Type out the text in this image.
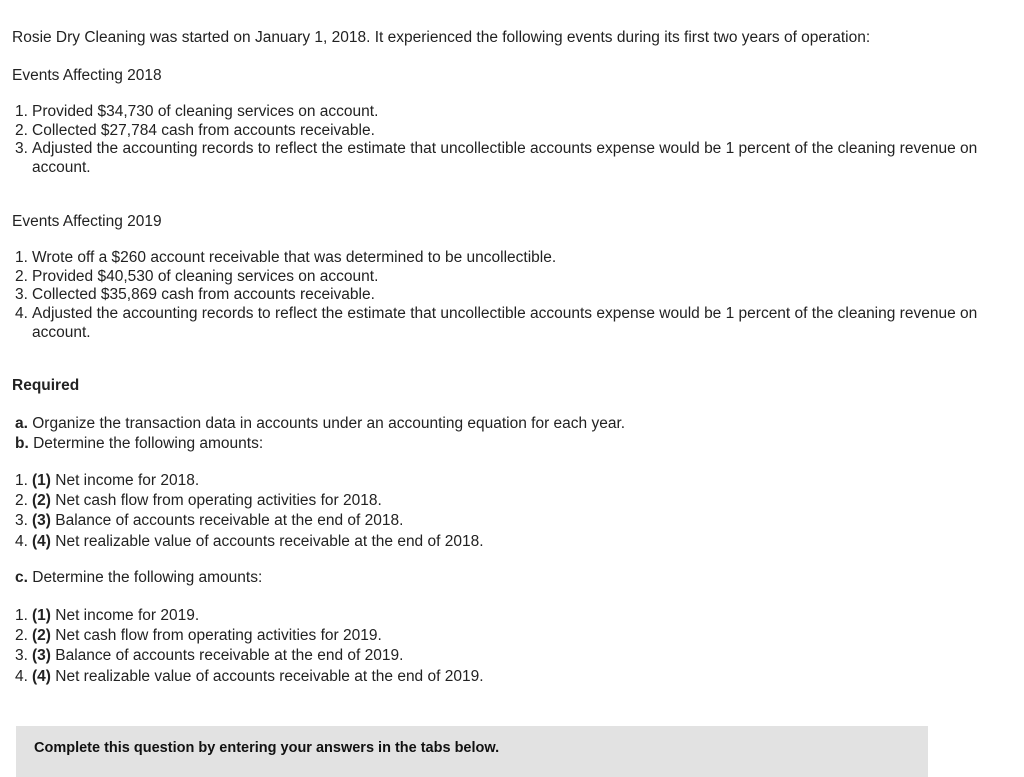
Rosie Dry Cleaning was started on January 1, 2018. It experienced the following events during its first two years of operation:
Events Affecting 2018
1. Provided $34,730 of cleaning services on account.
2. Collected $27,784 cash from accounts receivable.
3. Adjusted the accounting records to reflect the estimate that uncollectible accounts expense would be 1 percent of the cleaning revenue on account.
Events Affecting 2019
1. Wrote off a $260 account receivable that was determined to be uncollectible.
2. Provided $40,530 of cleaning services on account.
3. Collected $35,869 cash from accounts receivable.
4. Adjusted the accounting records to reflect the estimate that uncollectible accounts expense would be 1 percent of the cleaning revenue on account.
Required
a. Organize the transaction data in accounts under an accounting equation for each year.
b. Determine the following amounts:
1. (1) Net income for 2018.
2. (2) Net cash flow from operating activities for 2018.
3. (3) Balance of accounts receivable at the end of 2018.
4. (4) Net realizable value of accounts receivable at the end of 2018.
c. Determine the following amounts:
1. (1) Net income for 2019.
2. (2) Net cash flow from operating activities for 2019.
3. (3) Balance of accounts receivable at the end of 2019.
4. (4) Net realizable value of accounts receivable at the end of 2019.
Complete this question by entering your answers in the tabs below.
